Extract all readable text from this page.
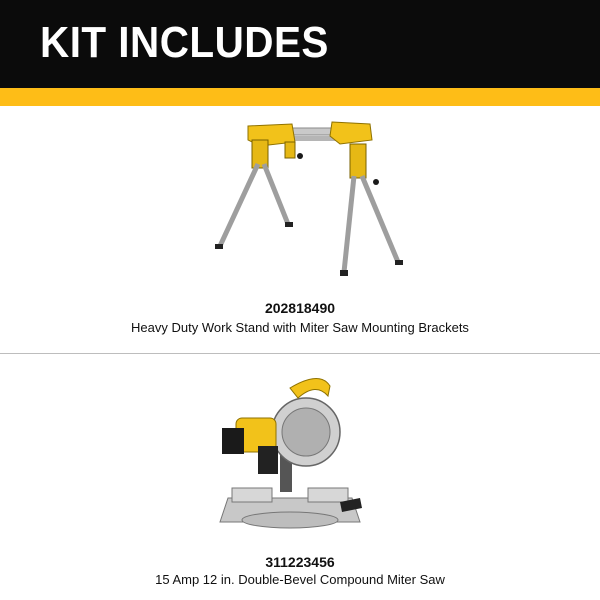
KIT INCLUDES
202818490
Heavy Duty Work Stand with Miter Saw Mounting Brackets
311223456
15 Amp 12 in. Double-Bevel Compound Miter Saw
